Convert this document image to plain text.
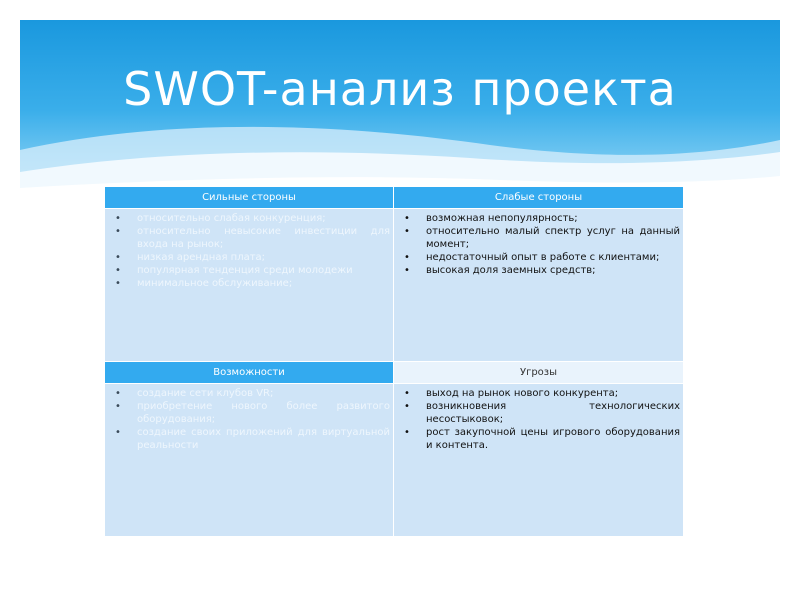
SWOT-анализ проекта
Сильные стороны
• относительно слабая конкуренция;
• относительно невысокие инвестиции для входа на рынок;
• низкая арендная плата;
• популярная тенденция среди молодежи
• минимальное обслуживание;
Слабые стороны
• возможная непопулярность;
• относительно малый спектр услуг на данный момент;
• недостаточный опыт в работе с клиентами;
• высокая доля заемных средств;
Возможности
• создание сети клубов VR;
• приобретение нового более развитого оборудования;
• создание своих приложений для виртуальной реальности
Угрозы
• выход на рынок нового конкурента;
• возникновения технологических несостыковок;
• рост закупочной цены игрового оборудования и контента.
